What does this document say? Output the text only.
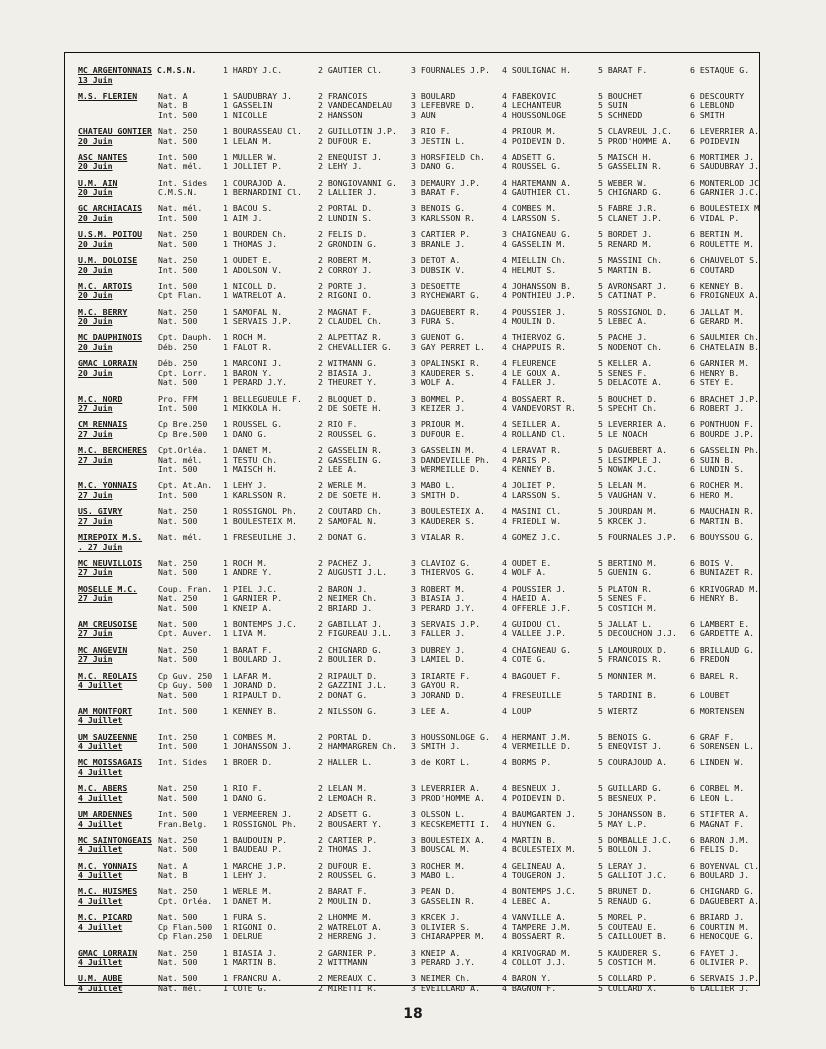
MC ARGENTONNAIS C.M.S.N.
13 Juin
1 HARDY J.C.	2 GAUTIER Cl.	3 FOURNALES J.P. 4 SOULIGNAC H.	5 BARAT F.	6 ESTAQUE G.
M.S. FLERIEN	Nat. A	1 SAUDUBRAY J.	2 FRANCOIS	3 BOULARD	4 FABEKOVIC	5 BOUCHET	6 DESCOURTY
Nat. B	1 GASSELIN	2 VANDECANDELAU 3 LEFEBVRE D.	4 LECHANTEUR	5 SUIN	6 LEBLOND
Int. 500	1 NICOLLE	2 HANSSON	3 AUN	4 HOUSSONLOGE	5 SCHNEDD	6 SMITH
CHATEAU GONTIER
20 Juin
Nat. 250	1 BOURASSEAU Cl. 2 GUILLOTIN J.P. 3 RIO F.	4 PRIOUR M.	5 CLAVREUL J.C. 6 LEVERRIER A.
Nat. 500	1 LELAN M.	2 DUFOUR E.	3 JESTIN L.	4 POIDEVIN D.	5 PROD'HOMME A. 6 POIDEVIN
ASC NANTES
20 Juin
Int. 500	1 MULLER W.	2 ENEQUIST J.	3 HORSFIELD Ch. 4 ADSETT G.	5 MAISCH H.	6 MORTIMER J.
Nat. mél.	1 JOLLIET P.	2 LEHY J.	3 DANO G.	4 ROUSSEL G.	5 GASSELIN R.	6 SAUDUBRAY J.
U.M. AIN
20 Juin
Int. Sides 1 COURAJOD A.	2 BONGIOVANNI G. 3 DEMAURY J.P.	4 HARTEMANN A.	5 WEBER W.	6 MONTERLOD JC
C.M.S.N.	1 BERNARDINI Cl. 2 LALLIER J.	3 BARAT F.	4 GAUTHIER Cl.	5 CHIGNARD G.	6 GARNIER J.C.
GC ARCHIACAIS
20 Juin
Nat. mél.	1 BACOU S.	2 PORTAL D.	3 BENOIS G.	4 COMBES M.	5 FABRE J.R.	6 BOULESTEIX M
Int. 500	1 AIM J.	2 LUNDIN S.	3 KARLSSON R.	4 LARSSON S.	5 CLANET J.P.	6 VIDAL P.
U.S.M. POITOU
20 Juin
Nat. 250	1 BOURDEN Ch.	2 FELIS D.	3 CARTIER P.	3 CHAIGNEAU G.	5 BORDET J.	6 BERTIN M.
Nat. 500	1 THOMAS J.	2 GRONDIN G.	3 BRANLE J.	4 GASSELIN M.	5 RENARD M.	6 ROULETTE M.
U.M. DOLOISE
20 Juin
Nat. 250	1 OUDET E.	2 ROBERT M.	3 DETOT A.	4 MIELLIN Ch.	5 MASSINI Ch.	6 CHAUVELOT S.
Int. 500	1 ADOLSON V.	2 CORROY J.	3 DUBSIK V.	4 HELMUT S.	5 MARTIN B.	6 COUTARD
M.C. ARTOIS
20 Juin
Int. 500	1 NICOLL D.	2 PORTE J.	3 DESOETTE	4 JOHANSSON B.	5 AVRONSART J.	6 KENNEY B.
Cpt Flan.	1 WATRELOT A.	2 RIGONI O.	3 RYCHEWART G.	4 PONTHIEU J.P.	5 CATINAT P.	6 FROIGNEUX A.
M.C. BERRY
20 Juin
Nat. 250	1 SAMOFAL N.	2 MAGNAT F.	3 DAGUEBERT R.	4 POUSSIER J.	5 ROSSIGNOL D.	6 JALLAT M.
Nat. 500	1 SERVAIS J.P.	2 CLAUDEL Ch.	3 FURA S.	4 MOULIN D.	5 LEBEC A.	6 GERARD M.
MC DAUPHINOIS
20 Juin
Cpt. Dauph. 1 ROCH M.	2 ALPETTAZ R.	3 GUENOT G.	4 THIERVOZ G.	5 PACHE J.	6 SAULMIER Ch.
Déb. 250	1 FALOT R.	2 CHEVALLIER G. 3 GAY PERRET L. 4 CHAPPUIS R.	5 NODENOT Ch.	6 CHATELAIN B.
GMAC LORRAIN
20 Juin
Déb. 250	1 MARCONI J.	2 WITMANN G.	3 OPALINSKI R.	4 FLEURENCE	5 KELLER A.	6 GARNIER M.
Cpt. Lorr. 1 BARON Y.	2 BIASIA J.	3 KAUDERER S.	4 LE GOUX A.	5 SENES F.	6 HENRY B.
Nat. 500	1 PERARD J.Y.	2 THEURET Y.	3 WOLF A.	4 FALLER J.	5 DELACOTE A.	6 STEY E.
M.C. NORD
27 Juin
Pro. FFM	1 BELLEGUEULE F. 2 BLOQUET D.	3 BOMMEL P.	4 BOSSAERT R.	5 BOUCHET D.	6 BRACHET J.P.
Int. 500	1 MIKKOLA H.	2 DE SOETE H.	3 KEIZER J.	4 VANDEVORST R.	5 SPECHT Ch.	6 ROBERT J.
CM RENNAIS
27 Juin
Cp Bre.250 1 ROUSSEL G.	2 RIO F.	3 PRIOUR M.	4 SEILLER A.	5 LEVERRIER A.	6 PONTHUON F.
Cp Bre.500 1 DANO G.	2 ROUSSEL G.	3 DUFOUR E.	4 ROLLAND Cl.	5 LE NOACH	6 BOURDE J.P.
M.C. BERCHERES
27 Juin
Cpt.Orléa. 1 DANET M.	2 GASSELIN R.	3 GASSELIN M.	4 LERAVAT R.	5 DAGUEBERT A.	6 GASSELIN Ph.
Nat. mél.	1 TESTU Ch.	2 GASSELIN G.	3 DANDEVILLE Ph. 4 PARIS P.	5 LESIMPLE J.	6 SUIN B.
Int. 500	1 MAISCH H.	2 LEE A.	3 WERMEILLE D.	4 KENNEY B.	5 NOWAK J.C.	6 LUNDIN S.
M.C. YONNAIS
27 Juin
Cpt. At.An. 1 LEHY J.	2 WERLE M.	3 MABO L.	4 JOLIET P.	5 LELAN M.	6 ROCHER M.
Int. 500	1 KARLSSON R.	2 DE SOETE H.	3 SMITH D.	4 LARSSON S.	5 VAUGHAN V.	6 HERO M.
US. GIVRY
27 Juin
Nat. 250	1 ROSSIGNOL Ph.	2 COUTARD Ch.	3 BOULESTEIX A. 4 MASINI Cl.	5 JOURDAN M.	6 MAUCHAIN R.
Nat. 500	1 BOULESTEIX M.	2 SAMOFAL N.	3 KAUDERER S.	4 FRIEDLI W.	5 KRCEK J.	6 MARTIN B.
MIREPOIX M.S.
. 27 Juin
Nat. mél.	1 FRESEUILHE J.	2 DONAT G.	3 VIALAR R.	4 GOMEZ J.C.	5 FOURNALES J.P. 6 BOUYSSOU G.
MC NEUVILLOIS
27 Juin
Nat. 250	1 ROCH M.	2 PACHEZ J.	3 CLAVIOZ G.	4 OUDET E.	5 BERTINO M.	6 BOIS V.
Nat. 500	1 ANDRE Y.	2 AUGUSTI J.L.	3 THIERVOS G.	4 WOLF A.	5 GUENIN G.	6 BUNIAZET R.
MOSELLE M.C.
27 Juin
Coup. Fran. 1 PIEL J.C.	2 BARON J.	3 ROBERT M.	4 POUSSIER J.	5 PLATON R.	6 KRIVOGRAD M.
Nat. 250	1 GARNIER P.	2 NEIMER Ch.	3 BIASIA J.	4 HAEID A.	5 SENES F.	6 HENRY B.
Nat. 500	1 KNEIP A.	2 BRIARD J.	3 PERARD J.Y.	4 OFFERLE J.F.	5 COSTICH M.
AM CREUSOISE
27 Juin
Nat. 500	1 BONTEMPS J.C.	2 GABILLAT J.	3 SERVAIS J.P.	4 GUIDOU Cl.	5 JALLAT L.	6 LAMBERT E.
Cpt. Auver. 1 LIVA M.	2 FIGUREAU J.L. 3 FALLER J.	4 VALLEE J.P.	5 DECOUCHON J.J. 6 GARDETTE A.
MC ANGEVIN
27 Juin
Nat. 250	1 BARAT F.	2 CHIGNARD G.	3 DUBREY J.	4 CHAIGNEAU G.	5 LAMOUROUX D.	6 BRILLAUD G.
Nat. 500	1 BOULARD J.	2 BOULIER D.	3 LAMIEL D.	4 COTE G.	5 FRANCOIS R.	6 FREDON
M.C. REOLAIS
4 Juillet
Cp Guv. 250 1 LAFAR M.	2 RIPAULT D.	3 IRIARTE F.	4 BAGOUET F.	5 MONNIER M.	6 BAREL R.
Cp Guy. 500 1 JORAND D.	2 GAZZINI J.L.	3 GAYOU R.
Nat. 500	1 RIPAULT D.	2 DONAT G.	3 JORAND D.	4 FRESEUILLE	5 TARDINI B.	6 LOUBET
AM MONTFORT
4 Juillet
Int. 500	1 KENNEY B.	2 NILSSON G.	3 LEE A.	4 LOUP	5 WIERTZ	6 MORTENSEN
UM SAUZEENNE
4 Juillet
Int. 250	1 COMBES M.	2 PORTAL D.	3 HOUSSONLOGE G. 4 HERMANT J.M.	5 BENOIS G.	6 GRAF F.
Int. 500	1 JOHANSSON J.	2 HAMMARGREN Ch. 3 SMITH J.	4 VERMEILLE D.	5 ENEQVIST J.	6 SORENSEN L.
MC MOISSAGAIS
4 Juillet
Int. Sides 1 BROER D.	2 HALLER L.	3 de KORT L.	4 BORMS P.	5 COURAJOUD A.	6 LINDEN W.
M.C. ABERS
4 Juillet
Nat. 250	1 RIO F.	2 LELAN M.	3 LEVERRIER A.	4 BESNEUX J.	5 GUILLARD G.	6 CORBEL M.
Nat. 500	1 DANO G.	2 LEMOACH R.	3 PROD'HOMME A. 4 POIDEVIN D.	5 BESNEUX P.	6 LEON L.
UM ARDENNES
4 Juillet
Int. 500	1 VERMEEREN J.	2 ADSETT G.	3 OLSSON L.	4 BAUMGARTEN J.	5 JOHANSSON B.	6 STIFTER A.
Fran.Belg. 1 ROSSIGNOL Ph.	2 BOUSAERT Y.	3 KECSKEMETTI I. 4 HUYNEN G.	5 MAY L.P.	6 MAGNAT F.
MC SAINTONGEAIS
4 Juillet
Nat. 250	1 BAUDOUIN P.	2 CARTIER P.	3 BOULESTEIX A. 4 MARTIN B.	5 DOMBALLE J.C. 6 BARON J.M.
Nat. 500	1 BAUDEAU P.	2 THOMAS J.	3 BOUSCAL M.	4 BCULESTEIX M.	5 BOLLON J.	6 FELIS D.
M.C. YONNAIS
4 Juillet
Nat. A	1 MARCHE J.P.	2 DUFOUR E.	3 ROCHER M.	4 GELINEAU A.	5 LERAY J.	6 BOYENVAL Cl.
Nat. B	1 LEHY J.	2 ROUSSEL G.	3 MABO L.	4 TOUGERON J.	5 GALLIOT J.C.	6 BOULARD J.
M.C. HUISMES
4 Juillet
Nat. 250	1 WERLE M.	2 BARAT F.	3 PEAN D.	4 BONTEMPS J.C.	5 BRUNET D.	6 CHIGNARD G.
Cpt. Orléa. 1 DANET M.	2 MOULIN D.	3 GASSELIN R.	4 LEBEC A.	5 RENAUD G.	6 DAGUEBERT A.
M.C. PICARD
4 Juillet
Nat. 500	1 FURA S.	2 LHOMME M.	3 KRCEK J.	4 VANVILLE A.	5 MOREL P.	6 BRIARD J.
Cp Flan.500 1 RIGONI O.	2 WATRELOT A.	3 OLIVIER S.	4 TAMPERE J.M.	5 COUTEAU E.	6 COURTIN M.
Cp Flan.250 1 DELRUE	2 HERRENG J.	3 CHIARAPPER M. 4 BOSSAERT R.	5 CAILLOUET B.	6 HENOCQUE G.
GMAC LORRAIN
4 Juillet
Nat. 250	1 BIASIA J.	2 GARNIER P.	3 KNEIP A.	4 KRIVOGRAD M.	5 KAUDERER S.	6 FAYET J.
Nat. 500	1 MARTIN B.	2 WITTMANN	3 PERARD J.Y.	4 COLLOT J.J.	5 COSTICH M.	6 OLIVIER P.
U.M. AUBE
4 Juillet
Nat. 500	1 FRANCRU A.	2 MEREAUX C.	3 NEIMER Ch.	4 BARON Y.	5 COLLARD P.	6 SERVAIS J.P.
Nat. mél.	1 COTE G.	2 MIRETTI R.	3 EVEILLARD A.	4 BAGNON F.	5 COLLARD X.	6 LALLIER J.
18
